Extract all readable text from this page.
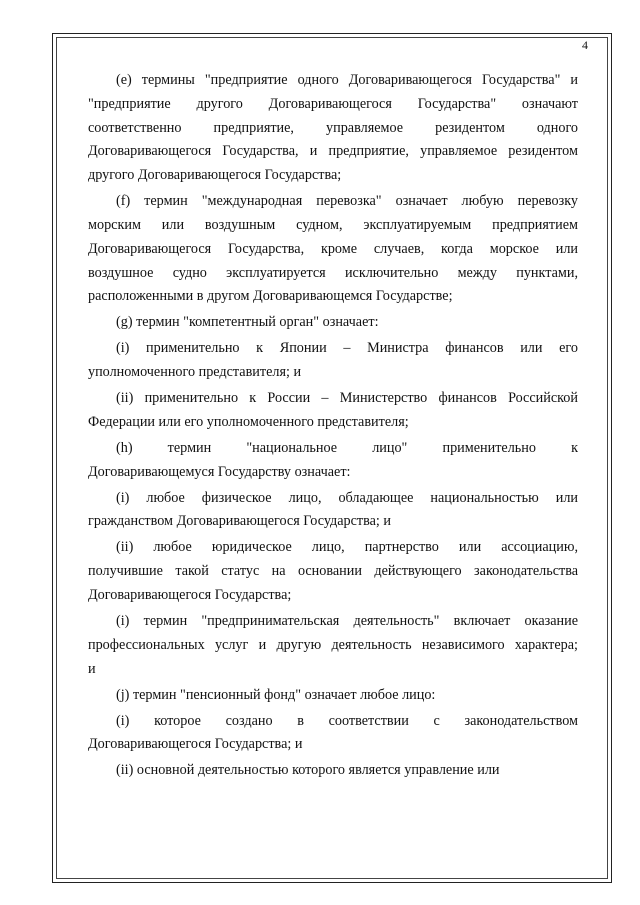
4
(e) термины "предприятие одного Договаривающегося Государства" и
"предприятие другого Договаривающегося Государства" означают
соответственно предприятие, управляемое резидентом одного
Договаривающегося Государства, и предприятие, управляемое резидентом
другого Договаривающегося Государства;
(f) термин "международная перевозка" означает любую перевозку
морским или воздушным судном, эксплуатируемым предприятием
Договаривающегося Государства, кроме случаев, когда морское или
воздушное судно эксплуатируется исключительно между пунктами,
расположенными в другом Договаривающемся Государстве;
(g) термин "компетентный орган" означает:
(i) применительно к Японии – Министра финансов или его
уполномоченного представителя; и
(ii) применительно к России – Министерство финансов Российской
Федерации или его уполномоченного представителя;
(h) термин "национальное лицо" применительно к
Договаривающемуся Государству означает:
(i) любое физическое лицо, обладающее национальностью или
гражданством Договаривающегося Государства; и
(ii) любое юридическое лицо, партнерство или ассоциацию,
получившие такой статус на основании действующего законодательства
Договаривающегося Государства;
(i) термин "предпринимательская деятельность" включает оказание
профессиональных услуг и другую деятельность независимого характера;
и
(j) термин "пенсионный фонд" означает любое лицо:
(i) которое создано в соответствии с законодательством
Договаривающегося Государства; и
(ii) основной деятельностью которого является управление или
